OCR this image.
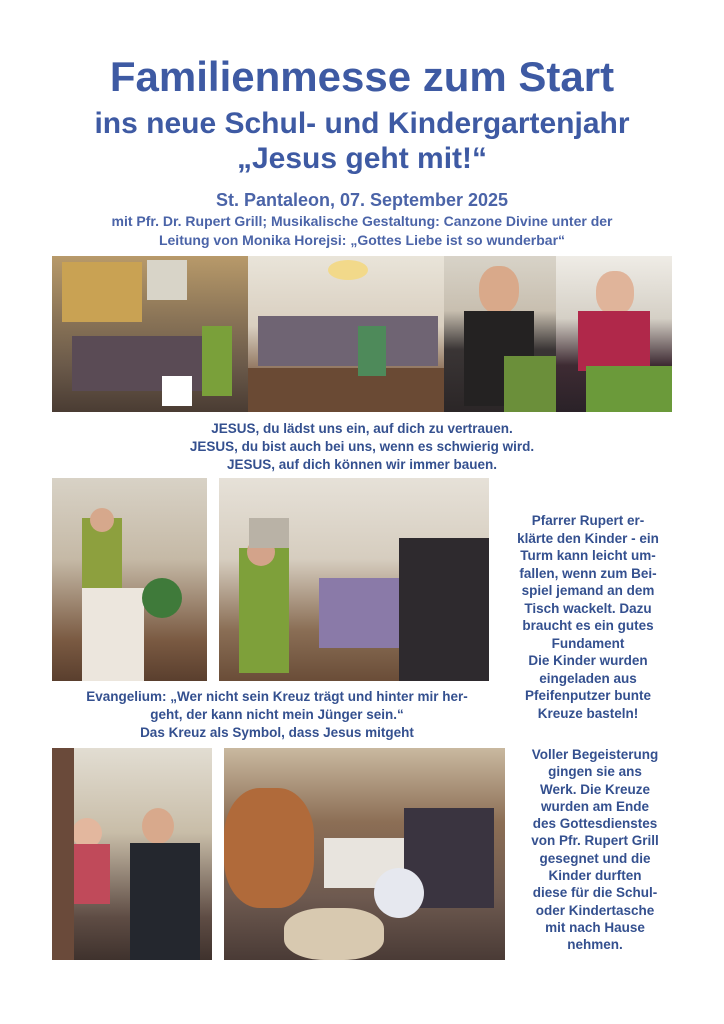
Familienmesse zum Start
ins neue Schul- und Kindergartenjahr
„Jesus geht mit!“
St. Pantaleon, 07. September 2025
mit Pfr. Dr. Rupert Grill; Musikalische Gestaltung: Canzone Divine unter der
Leitung von Monika Horejsi: „Gottes Liebe ist so wunderbar“
JESUS, du lädst uns ein, auf dich zu vertrauen.
JESUS, du bist auch bei uns, wenn es schwierig wird.
JESUS, auf dich können wir immer bauen.
Pfarrer Rupert er-
klärte den Kinder - ein
Turm kann leicht um-
fallen, wenn zum Bei-
spiel jemand an dem
Tisch wackelt. Dazu
braucht es ein gutes
Fundament
Die Kinder wurden
eingeladen aus
Pfeifenputzer bunte
Kreuze basteln!
Evangelium: „Wer nicht sein Kreuz trägt und hinter mir her-
geht, der kann nicht mein Jünger sein.“
Das Kreuz als Symbol, dass Jesus mitgeht
Voller Begeisterung
gingen sie ans
Werk. Die Kreuze
wurden am Ende
des Gottesdienstes
von Pfr. Rupert Grill
gesegnet und die
Kinder durften
diese für die Schul-
oder Kindertasche
mit nach Hause
nehmen.
